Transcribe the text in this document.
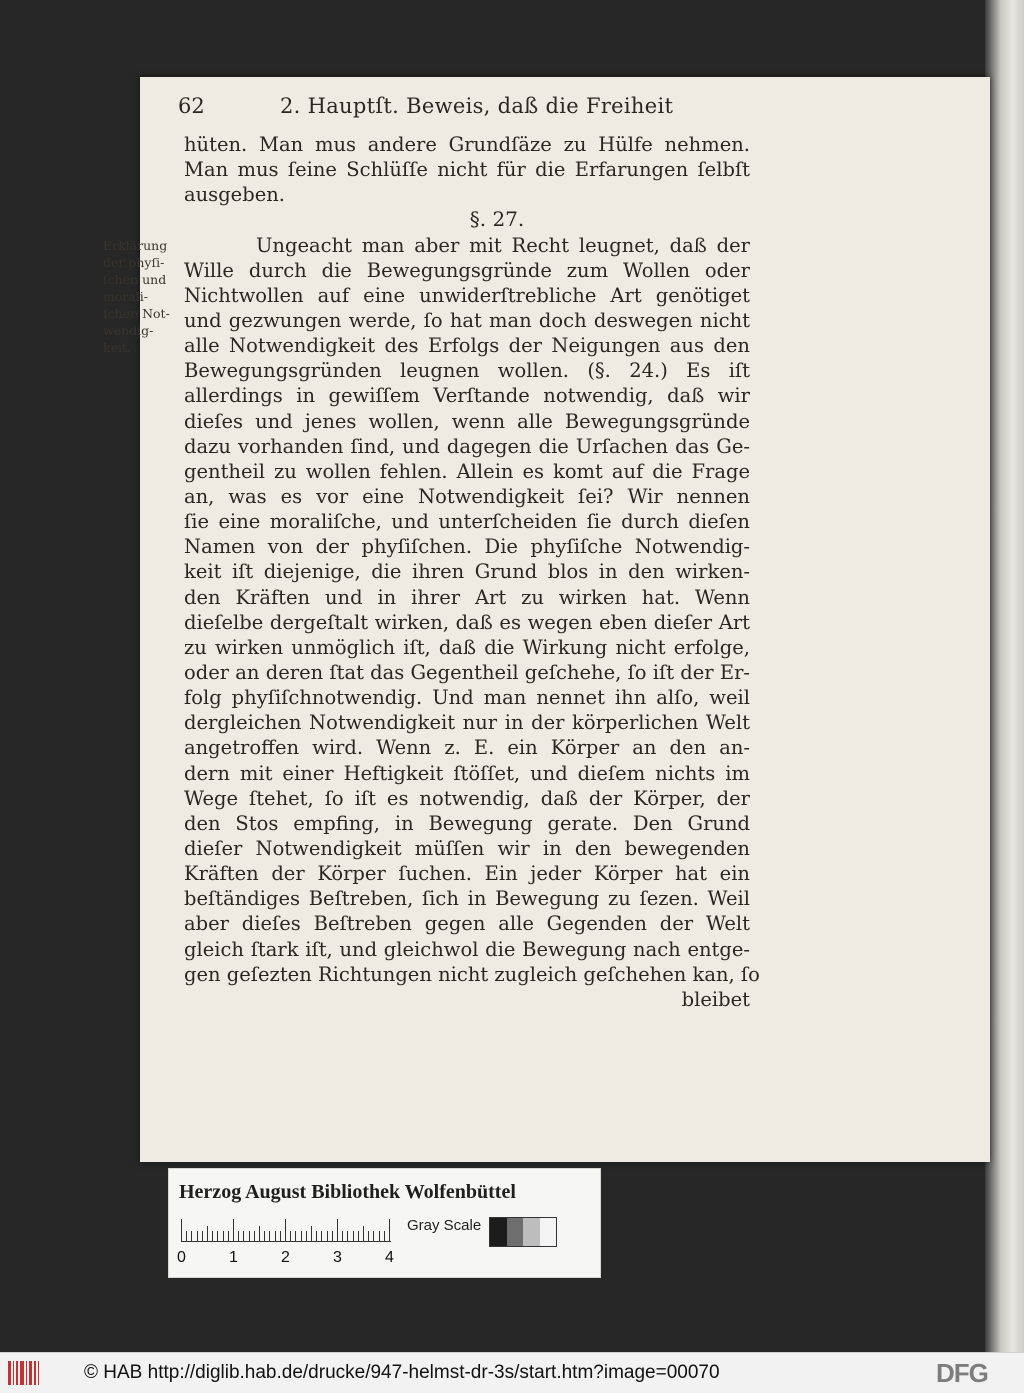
62	2. Hauptſt. Beweis, daß die Freiheit
hüten. Man mus andere Grundſäze zu Hülfe nehmen.
Man mus ſeine Schlüſſe nicht für die Erfarungen ſelbſt
ausgeben.
§. 27.
Ungeacht man aber mit Recht leugnet, daß der
Wille durch die Bewegungsgründe zum Wollen oder
Nichtwollen auf eine unwiderſtrebliche Art genötiget
und gezwungen werde, ſo hat man doch deswegen nicht
alle Notwendigkeit des Erfolgs der Neigungen aus den
Bewegungsgründen leugnen wollen. (§. 24.) Es iſt
allerdings in gewiſſem Verſtande notwendig, daß wir
dieſes und jenes wollen, wenn alle Bewegungsgründe
dazu vorhanden ſind, und dagegen die Urſachen das Ge-
gentheil zu wollen fehlen. Allein es komt auf die Frage
an, was es vor eine Notwendigkeit ſei? Wir nennen
ſie eine moraliſche, und unterſcheiden ſie durch dieſen
Namen von der phyſiſchen. Die phyſiſche Notwendig-
keit iſt diejenige, die ihren Grund blos in den wirken-
den Kräften und in ihrer Art zu wirken hat. Wenn
dieſelbe dergeſtalt wirken, daß es wegen eben dieſer Art
zu wirken unmöglich iſt, daß die Wirkung nicht erfolge,
oder an deren ſtat das Gegentheil geſchehe, ſo iſt der Er-
folg phyſiſchnotwendig. Und man nennet ihn alſo, weil
dergleichen Notwendigkeit nur in der körperlichen Welt
angetroffen wird. Wenn z. E. ein Körper an den an-
dern mit einer Heftigkeit ſtöſſet, und dieſem nichts im
Wege ſtehet, ſo iſt es notwendig, daß der Körper, der
den Stos empfing, in Bewegung gerate. Den Grund
dieſer Notwendigkeit müſſen wir in den bewegenden
Kräften der Körper ſuchen. Ein jeder Körper hat ein
beſtändiges Beſtreben, ſich in Bewegung zu ſezen. Weil
aber dieſes Beſtreben gegen alle Gegenden der Welt
gleich ſtark iſt, und gleichwol die Bewegung nach entge-
gen geſezten Richtungen nicht zugleich geſchehen kan, ſo
bleibet
Erklärung
der phyſi-
ſchen und
morali-
ſchen Not-
wendig-
keit.
Herzog August Bibliothek Wolfenbüttel
0	1	2	3	4
Gray Scale
© HAB http://diglib.hab.de/drucke/947-helmst-dr-3s/start.htm?image=00070	DFG
